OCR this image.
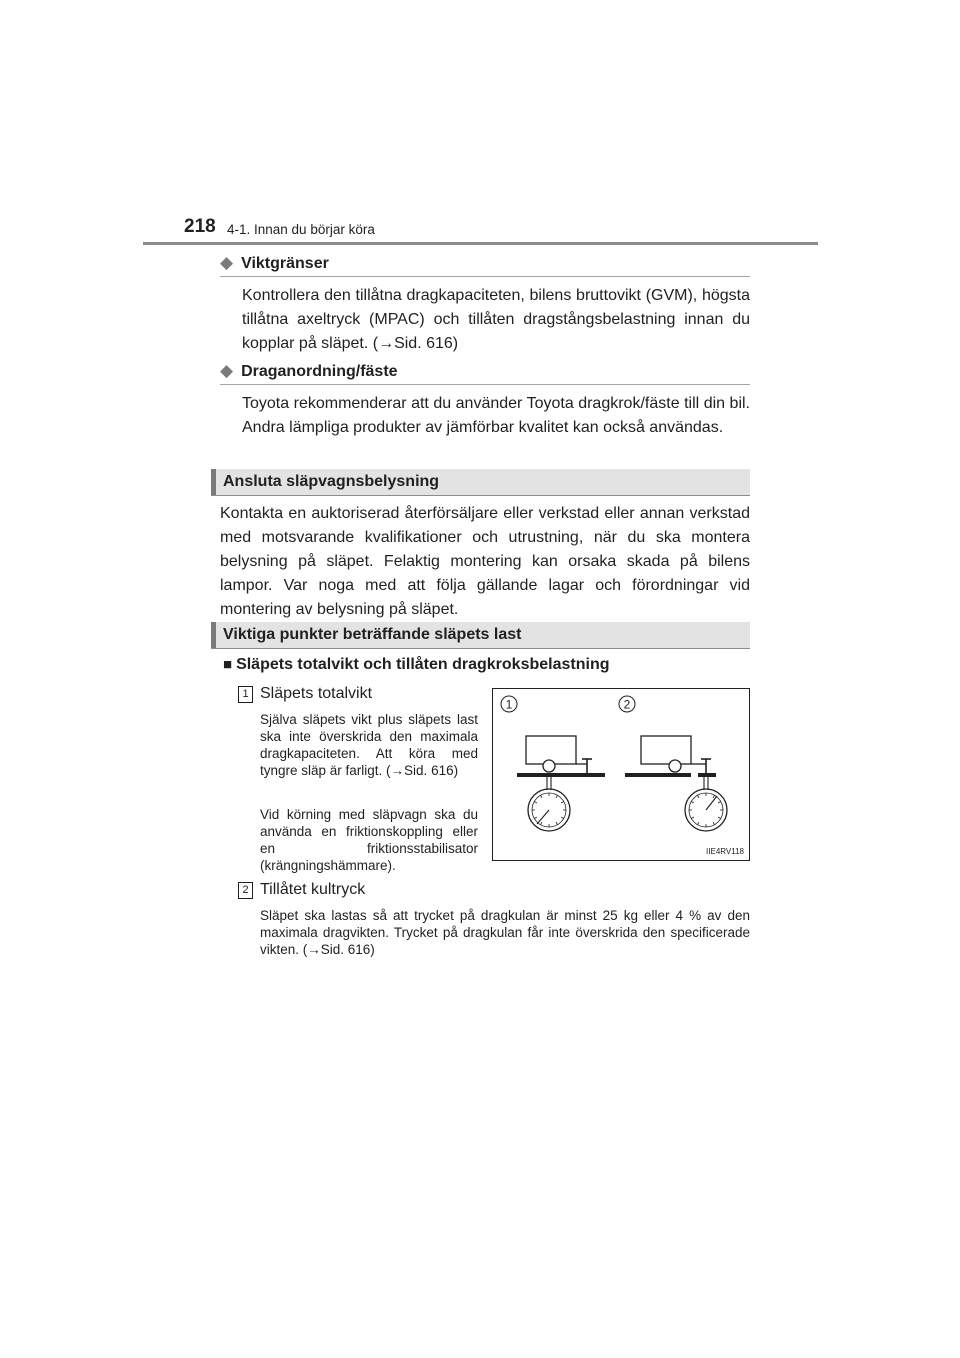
218 4-1. Innan du börjar köra
◆ Viktgränser
Kontrollera den tillåtna dragkapaciteten, bilens bruttovikt (GVM), högsta tillåtna axeltryck (MPAC) och tillåten dragstångsbelastning innan du kopplar på släpet. (→Sid. 616)
◆ Draganordning/fäste
Toyota rekommenderar att du använder Toyota dragkrok/fäste till din bil. Andra lämpliga produkter av jämförbar kvalitet kan också användas.
Ansluta släpvagnsbelysning
Kontakta en auktoriserad återförsäljare eller verkstad eller annan verkstad med motsvarande kvalifikationer och utrustning, när du ska montera belysning på släpet. Felaktig montering kan orsaka skada på bilens lampor. Var noga med att följa gällande lagar och förordningar vid montering av belysning på släpet.
Viktiga punkter beträffande släpets last
■ Släpets totalvikt och tillåten dragkroksbelastning
1 Släpets totalvikt
Själva släpets vikt plus släpets last ska inte överskrida den maximala dragkapaciteten. Att köra med tyngre släp är farligt. (→Sid. 616)
Vid körning med släpvagn ska du använda en friktionskoppling eller en friktionsstabilisator (krängningshämmare).
2 Tillåtet kultryck
Släpet ska lastas så att trycket på dragkulan är minst 25 kg eller 4 % av den maximala dragvikten. Trycket på dragkulan får inte överskrida den specificerade vikten. (→Sid. 616)
1	2
IIE4RV118
